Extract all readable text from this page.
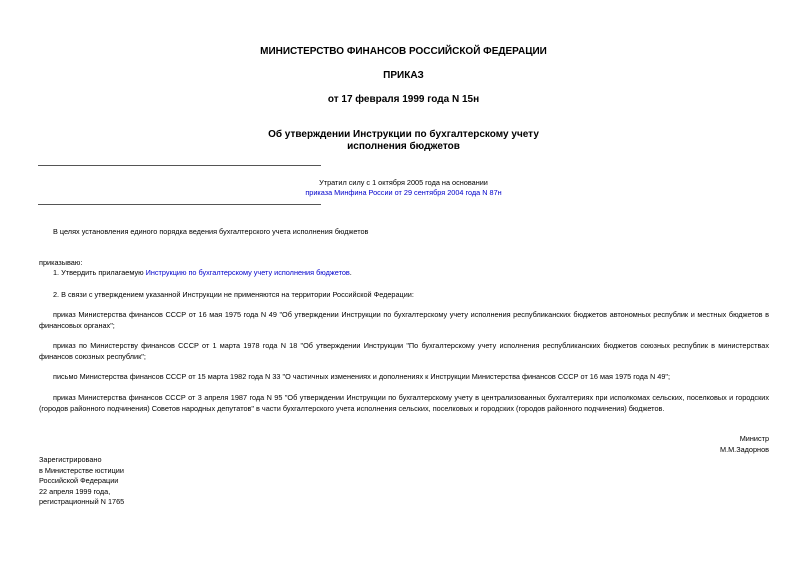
МИНИСТЕРСТВО ФИНАНСОВ РОССИЙСКОЙ ФЕДЕРАЦИИ
ПРИКАЗ
от 17 февраля 1999 года N 15н
Об утверждении Инструкции по бухгалтерскому учету
исполнения бюджетов
Утратил силу с 1 октября 2005 года на основании
приказа Минфина России от 29 сентября 2004 года N 87н
В целях установления единого порядка ведения бухгалтерского учета исполнения бюджетов
приказываю:
1. Утвердить прилагаемую Инструкцию по бухгалтерскому учету исполнения бюджетов.
2. В связи с утверждением указанной Инструкции не применяются на территории Российской Федерации:
приказ Министерства финансов СССР от 16 мая 1975 года N 49 "Об утверждении Инструкции по бухгалтерскому учету исполнения республиканских бюджетов автономных республик и местных бюджетов в финансовых органах";
приказ по Министерству финансов СССР от 1 марта 1978 года N 18 "Об утверждении Инструкции "По бухгалтерскому учету исполнения республиканских бюджетов союзных республик в министерствах финансов союзных республик";
письмо Министерства финансов СССР от 15 марта 1982 года N 33 "О частичных изменениях и дополнениях к Инструкции Министерства финансов СССР от 16 мая 1975 года N 49";
приказ Министерства финансов СССР от 3 апреля 1987 года N 95 "Об утверждении Инструкции по бухгалтерскому учету в централизованных бухгалтериях при исполкомах сельских, поселковых и городских (городов районного подчинения) Советов народных депутатов" в части бухгалтерского учета исполнения сельских, поселковых и городских (городов районного подчинения) бюджетов.
Министр
М.М.Задорнов
Зарегистрировано
в Министерстве юстиции
Российской Федерации
22 апреля 1999 года,
регистрационный N 1765
